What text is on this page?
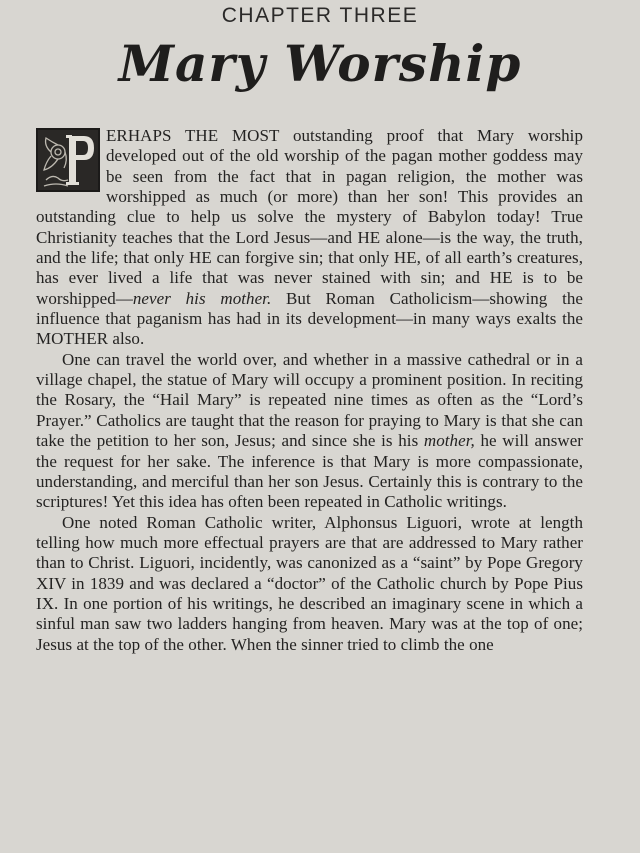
CHAPTER THREE
Mary Worship

ERHAPS THE MOST outstanding proof that Mary worship developed out of the old worship of the pagan mother goddess may be seen from the fact that in pagan religion, the mother was worshipped as much (or more) than her son! This provides an outstanding clue to help us solve the mystery of Babylon today! True Christianity teaches that the Lord Jesus—and HE alone—is the way, the truth, and the life; that only HE can forgive sin; that only HE, of all earth’s creatures, has ever lived a life that was never stained with sin; and HE is to be worshipped—never his mother. But Roman Catholicism—showing the influence that paganism has had in its development—in many ways exalts the MOTHER also.

One can travel the world over, and whether in a massive cathedral or in a village chapel, the statue of Mary will occupy a prominent position. In reciting the Rosary, the “Hail Mary” is repeated nine times as often as the “Lord’s Prayer.” Catholics are taught that the reason for praying to Mary is that she can take the petition to her son, Jesus; and since she is his mother, he will answer the request for her sake. The inference is that Mary is more compassionate, understanding, and merciful than her son Jesus. Certainly this is contrary to the scriptures! Yet this idea has often been repeated in Catholic writings.

One noted Roman Catholic writer, Alphonsus Liguori, wrote at length telling how much more effectual prayers are that are addressed to Mary rather than to Christ. Liguori, incidently, was canonized as a “saint” by Pope Gregory XIV in 1839 and was declared a “doctor” of the Catholic church by Pope Pius IX. In one portion of his writings, he described an imaginary scene in which a sinful man saw two ladders hanging from heaven. Mary was at the top of one; Jesus at the top of the other. When the sinner tried to climb the one
